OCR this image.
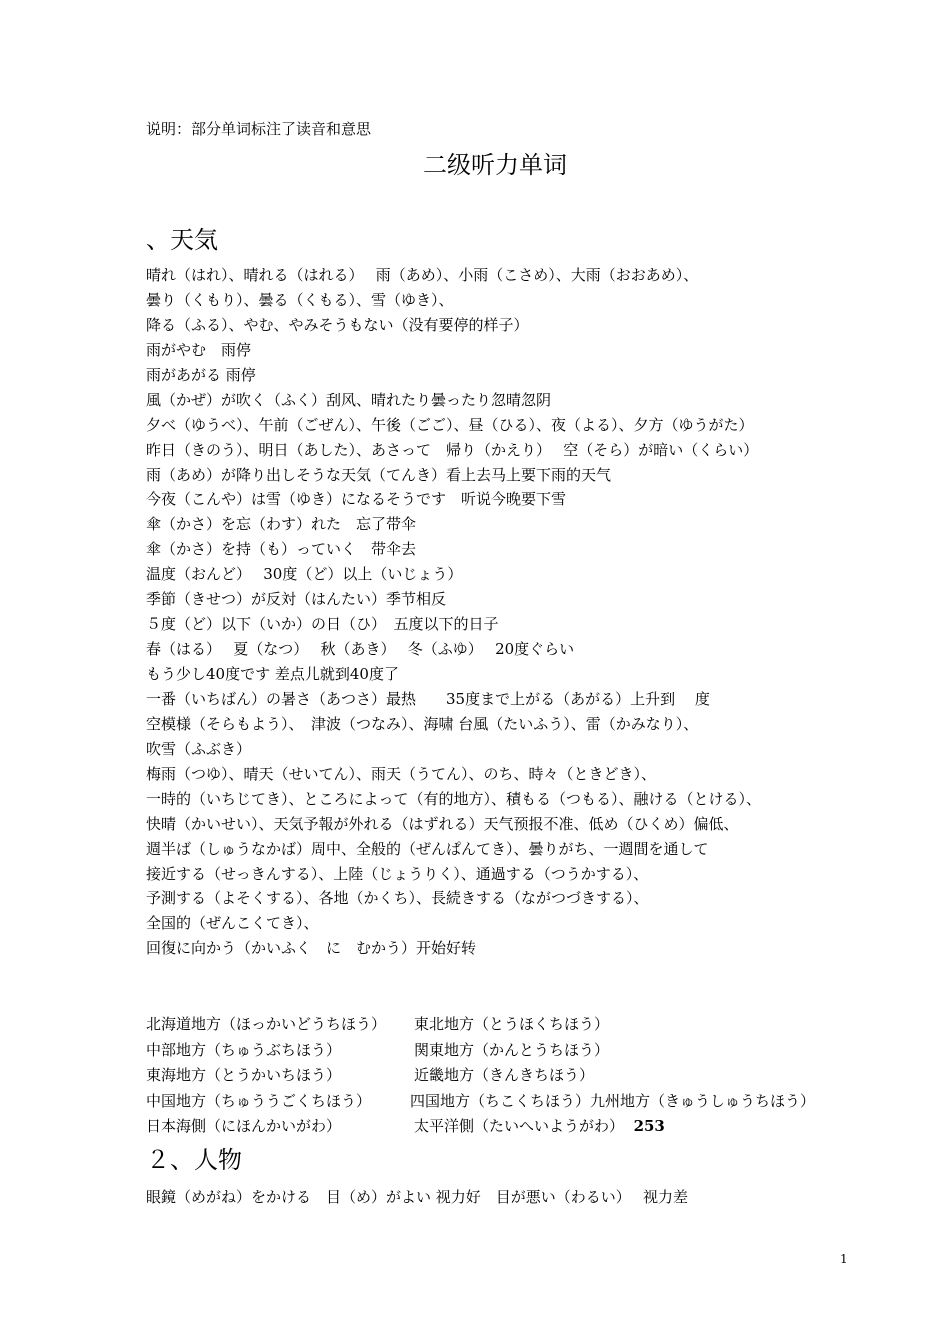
说明：部分单词标注了读音和意思
二级听力单词
、天気
晴れ（はれ）、晴れる（はれる）　 雨（あめ）、小雨（こさめ）、大雨（おおあめ）、
曇り（くもり）、曇る（くもる）、雪（ゆき）、
降る（ふる）、やむ、やみそうもない（没有要停的样子）
雨がやむ　雨停
雨があがる 雨停
風（かぜ）が吹く（ふく）刮风、晴れたり曇ったり忽晴忽阴
夕べ（ゆうべ）、午前（ごぜん）、午後（ごご）、昼（ひる）、夜（よる）、夕方（ゆうがた）
昨日（きのう）、明日（あした）、あさって　帰り（かえり）　 空（そら）が暗い（くらい）
雨（あめ）が降り出しそうな天気（てんき）看上去马上要下雨的天气
今夜（こんや）は雪（ゆき）になるそうです　听说今晚要下雪
傘（かさ）を忘（わす）れた　忘了带伞
傘（かさ）を持（も）っていく　带伞去
温度（おんど）　 30度（ど）以上（いじょう）
季節（きせつ）が反対（はんたい）季节相反
５度（ど）以下（いか）の日（ひ）　五度以下的日子
春（はる）　 夏（なつ）　 秋（あき）　 冬（ふゆ）　 20度ぐらい
もう少し40度です 差点儿就到40度了
一番（いちばん）の暑さ（あつさ）最热　　35度まで上がる（あがる）上升到　 度
空模様（そらもよう）、　津波（つなみ）、海啸 台風（たいふう）、雷（かみなり）、
吹雪（ふぶき）
梅雨（つゆ）、晴天（せいてん）、雨天（うてん）、のち、時々（ときどき）、
一時的（いちじてき）、ところによって（有的地方）、積もる（つもる）、融ける（とける）、
快晴（かいせい）、天気予報が外れる（はずれる）天气预报不准、低め（ひくめ）偏低、
週半ば（しゅうなかば）周中、全般的（ぜんぱんてき）、曇りがち、一週間を通して
接近する（せっきんする）、上陸（じょうりく）、通過する（つうかする）、
予測する（よそくする）、各地（かくち）、長続きする（ながつづきする）、
全国的（ぜんこくてき）、
回復に向かう（かいふく　に　むかう）开始好转
北海道地方（ほっかいどうちほう） 東北地方（とうほくちほう）
中部地方（ちゅうぶちほう）	関東地方（かんとうちほう）
東海地方（とうかいちほう）	近畿地方（きんきちほう）
中国地方（ちゅううごくちほう）	四国地方（ちこくちほう）九州地方（きゅうしゅうちほう）
日本海側（にほんかいがわ）	太平洋側（たいへいようがわ） 253
２、人物
眼鏡（めがね）をかける　目（め）がよい 视力好　目が悪い（わるい）　 视力差
1
